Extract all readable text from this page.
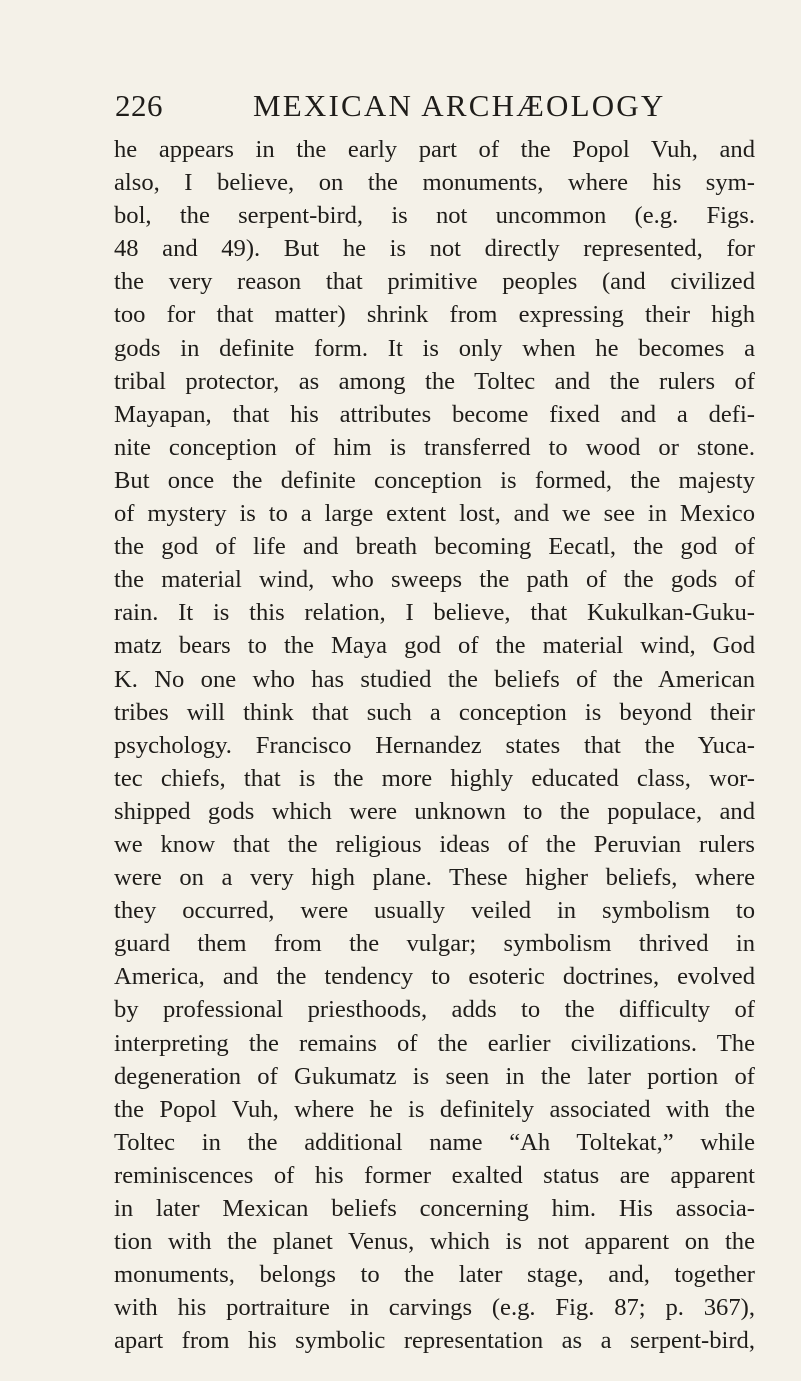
226	MEXICAN ARCHÆOLOGY
he appears in the early part of the Popol Vuh, and
also, I believe, on the monuments, where his sym-
bol, the serpent-bird, is not uncommon (e.g. Figs.
48 and 49). But he is not directly represented, for
the very reason that primitive peoples (and civilized
too for that matter) shrink from expressing their high
gods in definite form. It is only when he becomes a
tribal protector, as among the Toltec and the rulers of
Mayapan, that his attributes become fixed and a defi-
nite conception of him is transferred to wood or stone.
But once the definite conception is formed, the majesty
of mystery is to a large extent lost, and we see in Mexico
the god of life and breath becoming Eecatl, the god of
the material wind, who sweeps the path of the gods of
rain. It is this relation, I believe, that Kukulkan-Guku-
matz bears to the Maya god of the material wind, God
K. No one who has studied the beliefs of the American
tribes will think that such a conception is beyond their
psychology. Francisco Hernandez states that the Yuca-
tec chiefs, that is the more highly educated class, wor-
shipped gods which were unknown to the populace, and
we know that the religious ideas of the Peruvian rulers
were on a very high plane. These higher beliefs, where
they occurred, were usually veiled in symbolism to
guard them from the vulgar; symbolism thrived in
America, and the tendency to esoteric doctrines, evolved
by professional priesthoods, adds to the difficulty of
interpreting the remains of the earlier civilizations. The
degeneration of Gukumatz is seen in the later portion of
the Popol Vuh, where he is definitely associated with the
Toltec in the additional name “Ah Toltekat,” while
reminiscences of his former exalted status are apparent
in later Mexican beliefs concerning him. His associa-
tion with the planet Venus, which is not apparent on the
monuments, belongs to the later stage, and, together
with his portraiture in carvings (e.g. Fig. 87; p. 367),
apart from his symbolic representation as a serpent-bird,
